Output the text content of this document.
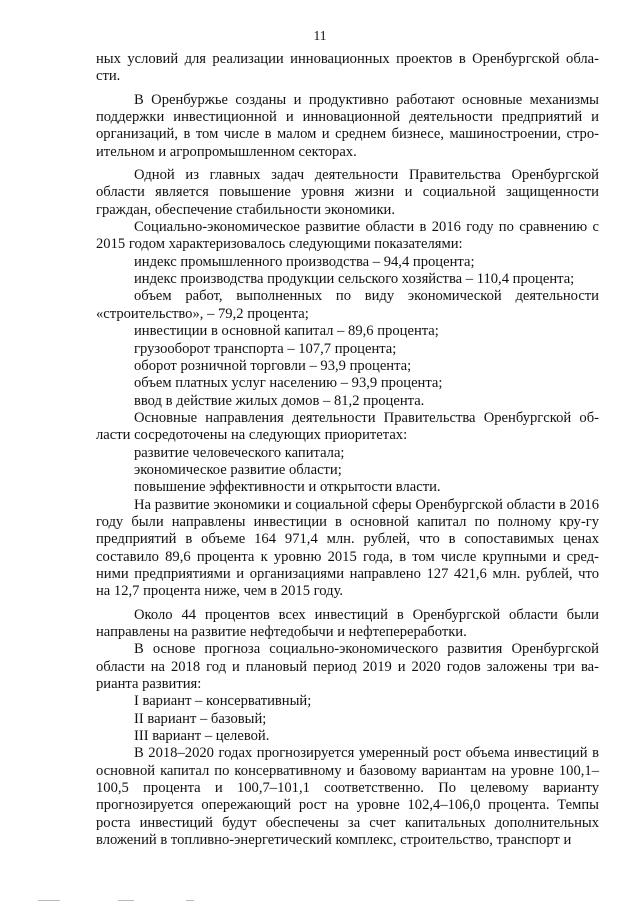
11

ных условий для реализации инновационных проектов в Оренбургской обла-сти.

В Оренбуржье созданы и продуктивно работают основные механизмы поддержки инвестиционной и инновационной деятельности предприятий и организаций, в том числе в малом и среднем бизнесе, машиностроении, стро-ительном и агропромышленном секторах.

Одной из главных задач деятельности Правительства Оренбургской области является повышение уровня жизни и социальной защищенности граждан, обеспечение стабильности экономики.

Социально-экономическое развитие области в 2016 году по сравнению с 2015 годом характеризовалось следующими показателями:

индекс промышленного производства – 94,4 процента;

индекс производства продукции сельского хозяйства – 110,4 процента;

объем работ, выполненных по виду экономической деятельности «строительство», – 79,2 процента;

инвестиции в основной капитал – 89,6 процента;

грузооборот транспорта – 107,7 процента;

оборот розничной торговли – 93,9 процента;

объем платных услуг населению – 93,9 процента;

ввод в действие жилых домов – 81,2 процента.

Основные направления деятельности Правительства Оренбургской об-ласти сосредоточены на следующих приоритетах:

развитие человеческого капитала;

экономическое развитие области;

повышение эффективности и открытости власти.

На развитие экономики и социальной сферы Оренбургской области в 2016 году были направлены инвестиции в основной капитал по полному кру-гу предприятий в объеме 164 971,4 млн. рублей, что в сопоставимых ценах составило 89,6 процента к уровню 2015 года, в том числе крупными и сред-ними предприятиями и организациями направлено 127 421,6 млн. рублей, что на 12,7 процента ниже, чем в 2015 году.

Около 44 процентов всех инвестиций в Оренбургской области были направлены на развитие нефтедобычи и нефтепереработки.

В основе прогноза социально-экономического развития Оренбургской области на 2018 год и плановый период 2019 и 2020 годов заложены три ва-рианта развития:

I вариант – консервативный;

II вариант – базовый;

III вариант – целевой.

В 2018–2020 годах прогнозируется умеренный рост объема инвестиций в основной капитал по консервативному и базовому вариантам на уровне 100,1–100,5 процента и 100,7–101,1 соответственно. По целевому варианту прогнозируется опережающий рост на уровне 102,4–106,0 процента. Темпы роста инвестиций будут обеспечены за счет капитальных дополнительных вложений в топливно-энергетический комплекс, строительство, транспорт и
